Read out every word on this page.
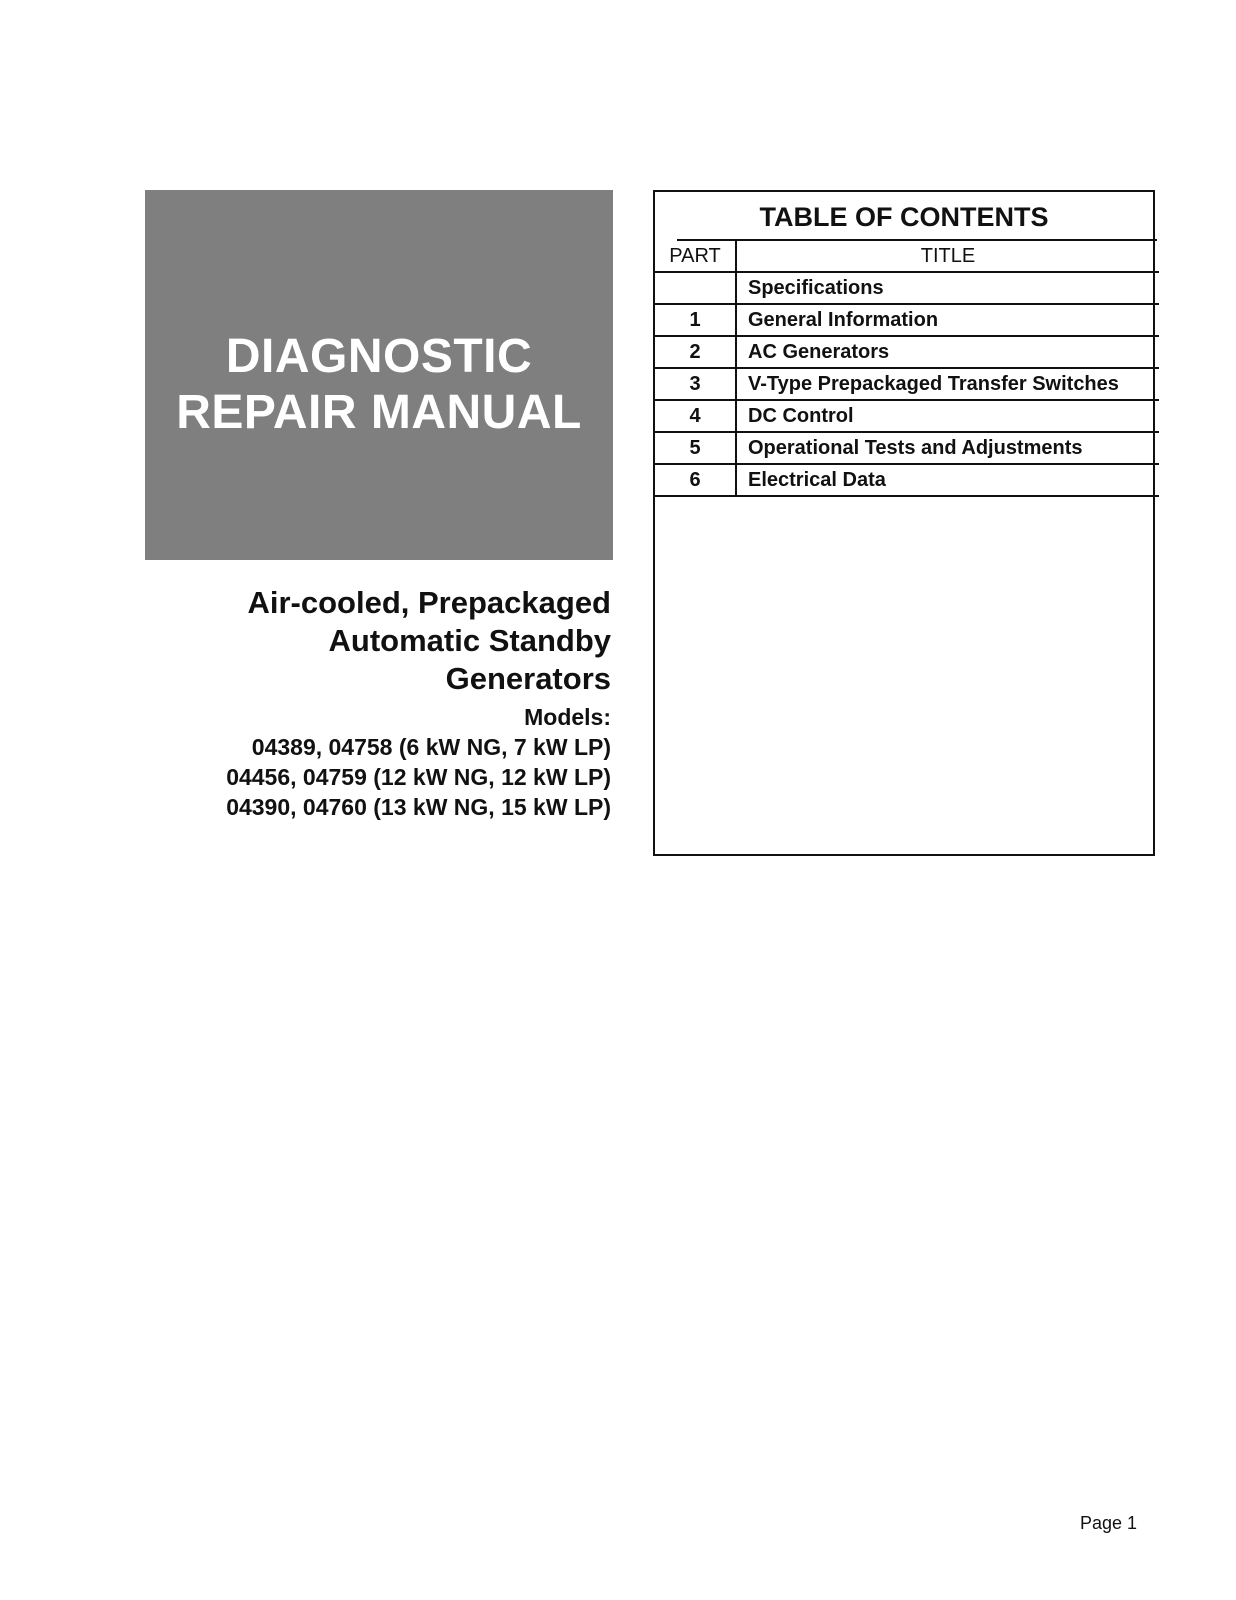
DIAGNOSTIC
REPAIR MANUAL
Air-cooled, Prepackaged
Automatic Standby
Generators
Models:
04389, 04758 (6 kW NG, 7 kW LP)
04456, 04759 (12 kW NG, 12 kW LP)
04390, 04760 (13 kW NG, 15 kW LP)
TABLE OF CONTENTS
PART	TITLE
	Specifications
1	General Information
2	AC Generators
3	V-Type Prepackaged Transfer Switches
4	DC Control
5	Operational Tests and Adjustments
6	Electrical Data
Page 1
